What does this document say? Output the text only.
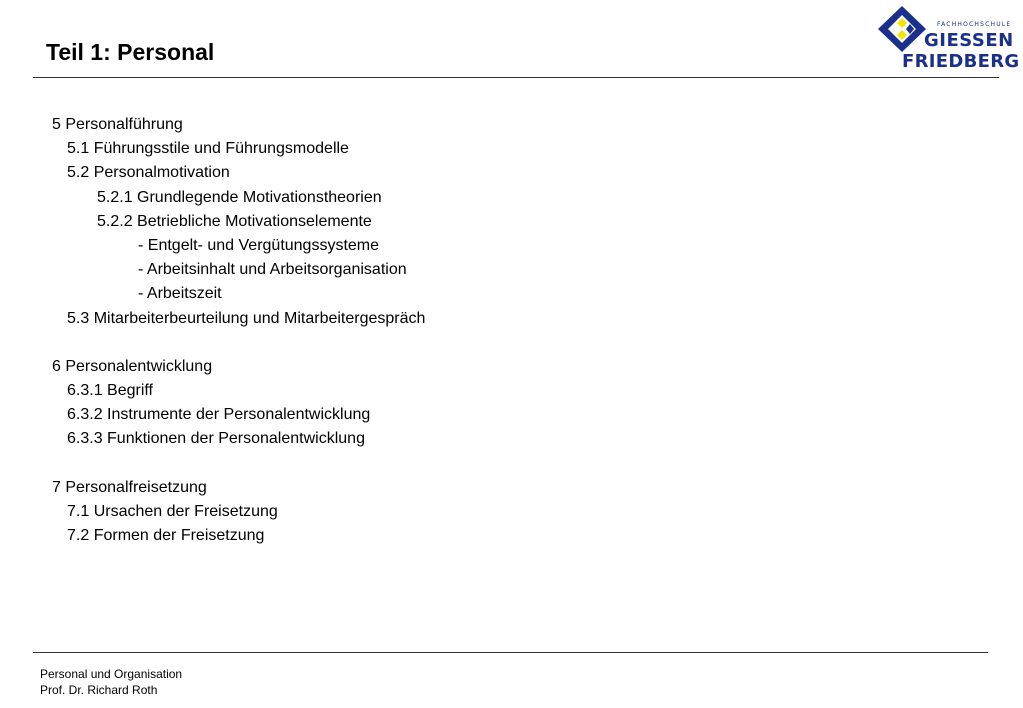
Teil 1: Personal
FACHHOCHSCHULE
GIESSEN
FRIEDBERG
5 Personalführung
5.1 Führungsstile und Führungsmodelle
5.2 Personalmotivation
5.2.1 Grundlegende Motivationstheorien
5.2.2 Betriebliche Motivationselemente
- Entgelt- und Vergütungssysteme
- Arbeitsinhalt und Arbeitsorganisation
- Arbeitszeit
5.3 Mitarbeiterbeurteilung und Mitarbeitergespräch
6 Personalentwicklung
6.3.1 Begriff
6.3.2 Instrumente der Personalentwicklung
6.3.3 Funktionen der Personalentwicklung
7 Personalfreisetzung
7.1 Ursachen der Freisetzung
7.2 Formen der Freisetzung
Personal und Organisation
Prof. Dr. Richard Roth
